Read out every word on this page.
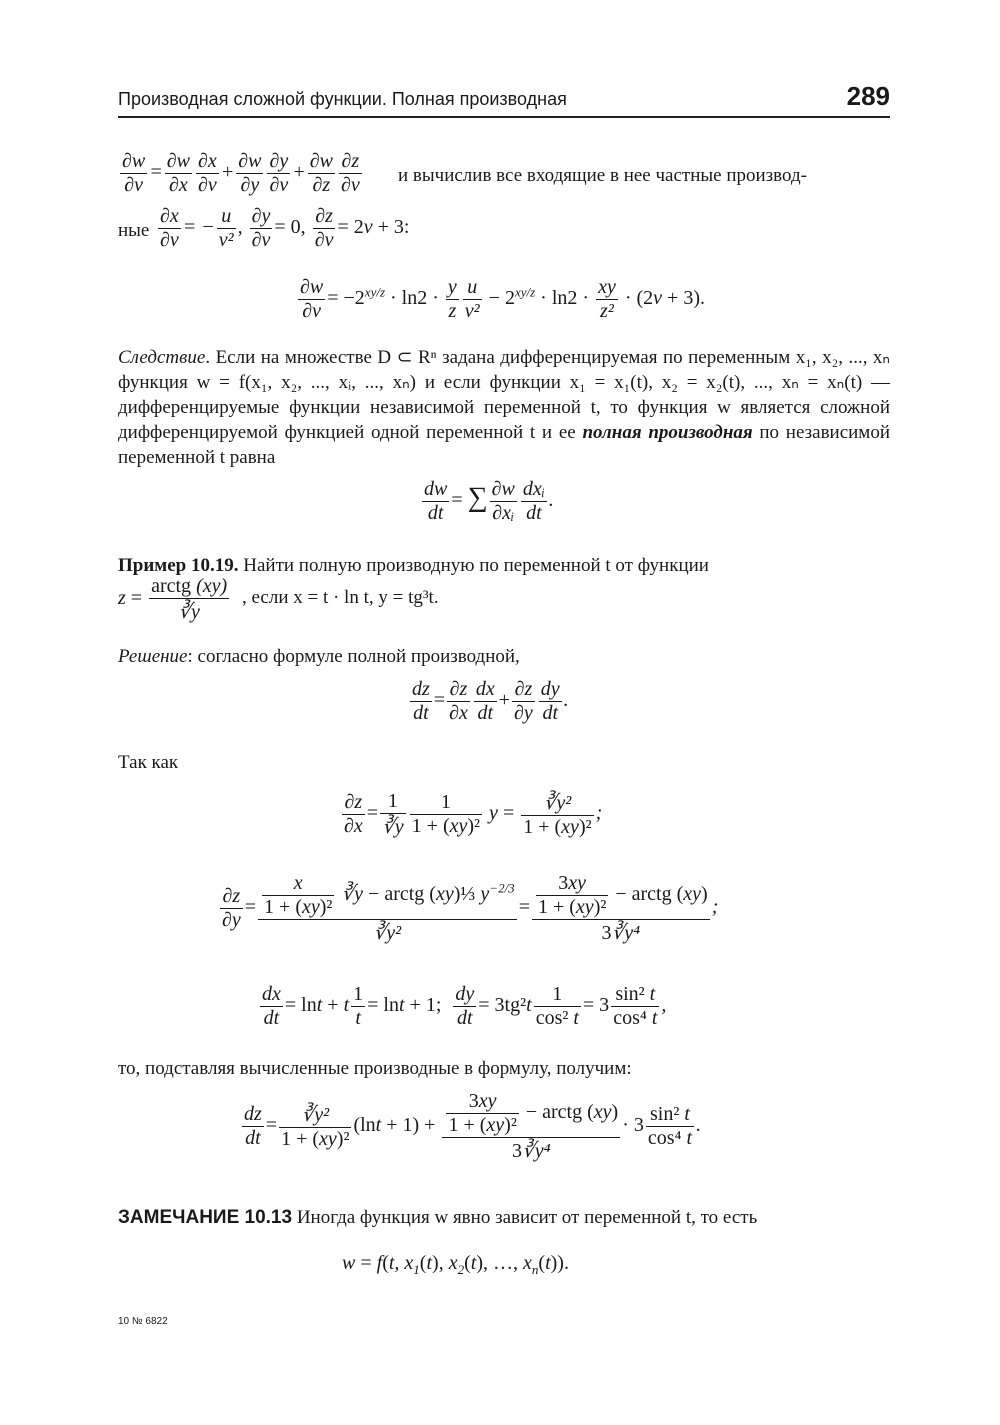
Производная сложной функции. Полная производная	289
$\frac{\partial w}{\partial v} = \frac{\partial w}{\partial x} \frac{\partial x}{\partial v} + \frac{\partial w}{\partial y} \frac{\partial y}{\partial v} + \frac{\partial w}{\partial z} \frac{\partial z}{\partial v}$ и вычислив все входящие в нее частные производ-
ные $\frac{\partial x}{\partial v}$ = − $\frac{u}{\text{v²}}$ , $\frac{\partial y}{\partial v} = 0$, $\frac{\partial z}{\partial v} = 2v + 3$:
$\frac{\partial w}{\partial v} = -2^{xy/z} \cdot \ln 2 \cdot \frac{y}{z} \frac{u}{\text{v²}} - 2^{xy/z} \cdot \ln 2 \cdot \frac{xy}{\text{z²}} \cdot (2v + 3)$.
Следствие. Если на множестве D ⊂ Rⁿ задана дифференцируемая по переменным x₁, x₂, ..., xₙ функция w = f(x₁, x₂, ..., xᵢ, ..., xₙ) и если функции x₁ = x₁(t), x₂ = x₂(t), ..., xₙ = xₙ(t) — дифференцируемые функции независимой переменной t, то функция w является сложной дифференцируемой функцией одной переменной t и ее полная производная по независимой переменной t равна
$\frac{dw}{dt}$ = ∑ $\frac{\partial w}{\text{∂xᵢ}} \frac{\text{dxᵢ}}{dt}$ .
Пример 10.19. Найти полную производную по переменной t от функции
$z = \frac{\text{arctg (xy)}}{∛y}$ , если x = t · ln t, y = tg³t.
Решение: согласно формуле полной производной,
$\frac{dz}{dt} = \frac{\partial z}{\partial x} \frac{dx}{dt} + \frac{\partial z}{\partial y} \frac{dy}{dt}$ .
Так как
$\frac{\partial z}{\partial x} = \frac{1}{∛y} \frac{1}{\text{1 + (xy)²}}$ $y = \frac{\text{∛y²}}{\text{1 + (xy)²}}$ ;
$\frac{\partial z}{\partial y} = \frac{\frac{x}{\text{1 + (xy)²}} ∛y - arctg (xy)\frac{1}{3} y^{-2/3}}{\text{∛y²}} = \frac{\frac{3xy}{\text{1 + (xy)²}} - arctg (xy)}{\text{3∛y⁴}}$ ;
$\frac{dx}{dt} = \ln t + t \frac{1}{t} = \ln t + 1$; $\frac{dy}{dt} = 3tg^2t \frac{1}{\text{cos² t}} = 3 \frac{\text{sin² t}}{\text{cos⁴ t}}$ ,
то, подставляя вычисленные производные в формулу, получим:
$\frac{dz}{dt} = \frac{\text{∛y²}}{\text{1 + (xy)²}} (\ln t + 1) + \frac{\frac{3xy}{\text{1 + (xy)²}} - arctg (xy)}{\text{3∛y⁴}} \cdot 3 \frac{\text{sin² t}}{\text{cos⁴ t}}$ .
ЗАМЕЧАНИЕ 10.13 Иногда функция w явно зависит от переменной t, то есть
w = f(t, $x_1(t)$, $x_2(t)$, …, $x_n(t)$).
10 № 6822
